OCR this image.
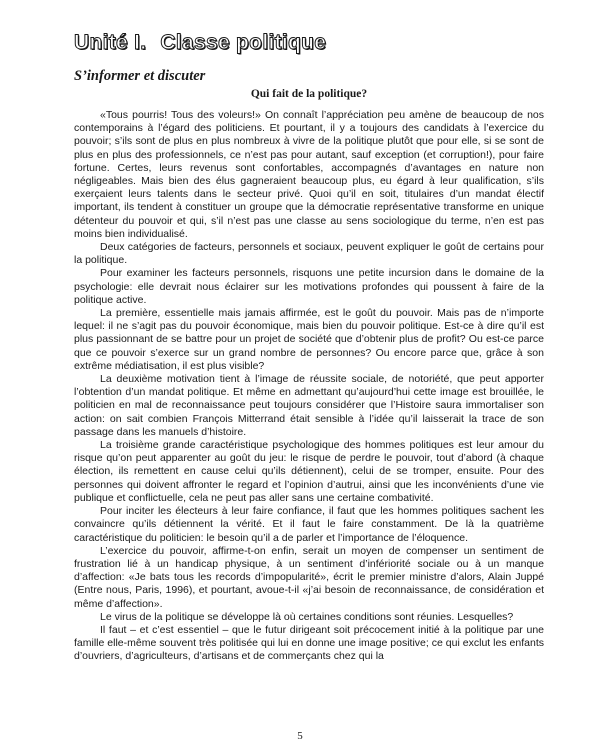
Unité I. Classe politique
S’informer et discuter
Qui fait de la politique?

«Tous pourris! Tous des voleurs!» On connaît l’appréciation peu amène de beaucoup de nos contemporains à l’égard des politiciens. Et pourtant, il y a toujours des candidats à l’exercice du pouvoir; s’ils sont de plus en plus nombreux à vivre de la politique plutôt que pour elle, si se sont de plus en plus des professionnels, ce n’est pas pour autant, sauf exception (et corruption!), pour faire fortune. Certes, leurs revenus sont confortables, accompagnés d’avantages en nature non négligeables. Mais bien des élus gagneraient beaucoup plus, eu égard à leur qualification, s’ils exerçaient leurs talents dans le secteur privé. Quoi qu’il en soit, titulaires d’un mandat électif important, ils tendent à constituer un groupe que la démocratie représentative transforme en unique détenteur du pouvoir et qui, s’il n’est pas une classe au sens sociologique du terme, n’en est pas moins bien individualisé.

Deux catégories de facteurs, personnels et sociaux, peuvent expliquer le goût de certains pour la politique.

Pour examiner les facteurs personnels, risquons une petite incursion dans le domaine de la psychologie: elle devrait nous éclairer sur les motivations profondes qui poussent à faire de la politique active.

La première, essentielle mais jamais affirmée, est le goût du pouvoir. Mais pas de n’importe lequel: il ne s’agit pas du pouvoir économique, mais bien du pouvoir politique. Est-ce à dire qu’il est plus passionnant de se battre pour un projet de société que d’obtenir plus de profit? Ou est-ce parce que ce pouvoir s’exerce sur un grand nombre de personnes? Ou encore parce que, grâce à son extrême médiatisation, il est plus visible?

La deuxième motivation tient à l’image de réussite sociale, de notoriété, que peut apporter l’obtention d’un mandat politique. Et même en admettant qu’aujourd’hui cette image est brouillée, le politicien en mal de reconnaissance peut toujours considérer que l’Histoire saura immortaliser son action: on sait combien François Mitterrand était sensible à l’idée qu’il laisserait la trace de son passage dans les manuels d’histoire.

La troisième grande caractéristique psychologique des hommes politiques est leur amour du risque qu’on peut apparenter au goût du jeu: le risque de perdre le pouvoir, tout d’abord (à chaque élection, ils remettent en cause celui qu’ils détiennent), celui de se tromper, ensuite. Pour des personnes qui doivent affronter le regard et l’opinion d’autrui, ainsi que les inconvénients d’une vie publique et conflictuelle, cela ne peut pas aller sans une certaine combativité.

Pour inciter les électeurs à leur faire confiance, il faut que les hommes politiques sachent les convaincre qu’ils détiennent la vérité. Et il faut le faire constamment. De là la quatrième caractéristique du politicien: le besoin qu’il a de parler et l’importance de l’éloquence.

L’exercice du pouvoir, affirme-t-on enfin, serait un moyen de compenser un sentiment de frustration lié à un handicap physique, à un sentiment d’infériorité sociale ou à un manque d’affection: «Je bats tous les records d’impopularité», écrit le premier ministre d’alors, Alain Juppé (Entre nous, Paris, 1996), et pourtant, avoue-t-il «j’ai besoin de reconnaissance, de considération et même d’affection».

Le virus de la politique se développe là où certaines conditions sont réunies. Lesquelles?

Il faut – et c’est essentiel – que le futur dirigeant soit précocement initié à la politique par une famille elle-même souvent très politisée qui lui en donne une image positive; ce qui exclut les enfants d’ouvriers, d’agriculteurs, d’artisans et de commerçants chez qui la

5
